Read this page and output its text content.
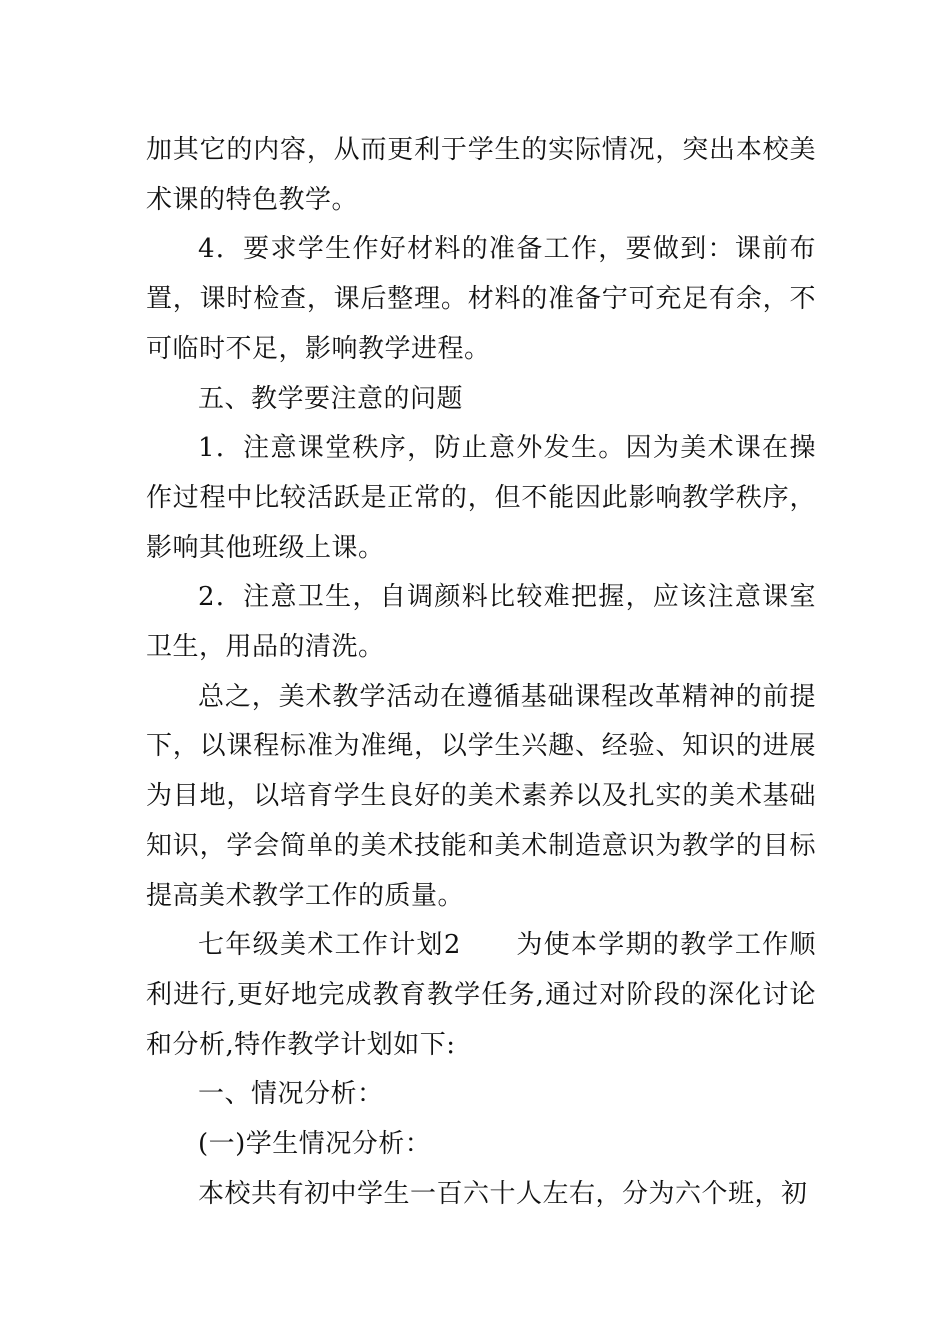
加其它的内容，从而更利于学生的实际情况，突出本校美术课的特色教学。

4．要求学生作好材料的准备工作，要做到：课前布置，课时检查，课后整理。材料的准备宁可充足有余，不可临时不足，影响教学进程。

五、教学要注意的问题

1．注意课堂秩序，防止意外发生。因为美术课在操作过程中比较活跃是正常的，但不能因此影响教学秩序，影响其他班级上课。

2．注意卫生，自调颜料比较难把握，应该注意课室卫生，用品的清洗。

总之，美术教学活动在遵循基础课程改革精神的前提下，以课程标准为准绳，以学生兴趣、经验、知识的进展为目地，以培育学生良好的美术素养以及扎实的美术基础知识，学会简单的美术技能和美术制造意识为教学的目标提高美术教学工作的质量。

七年级美术工作计划2　　为使本学期的教学工作顺利进行,更好地完成教育教学任务,通过对阶段的深化讨论和分析,特作教学计划如下:

一、情况分析：

(一)学生情况分析：

本校共有初中学生一百六十人左右，分为六个班，初
